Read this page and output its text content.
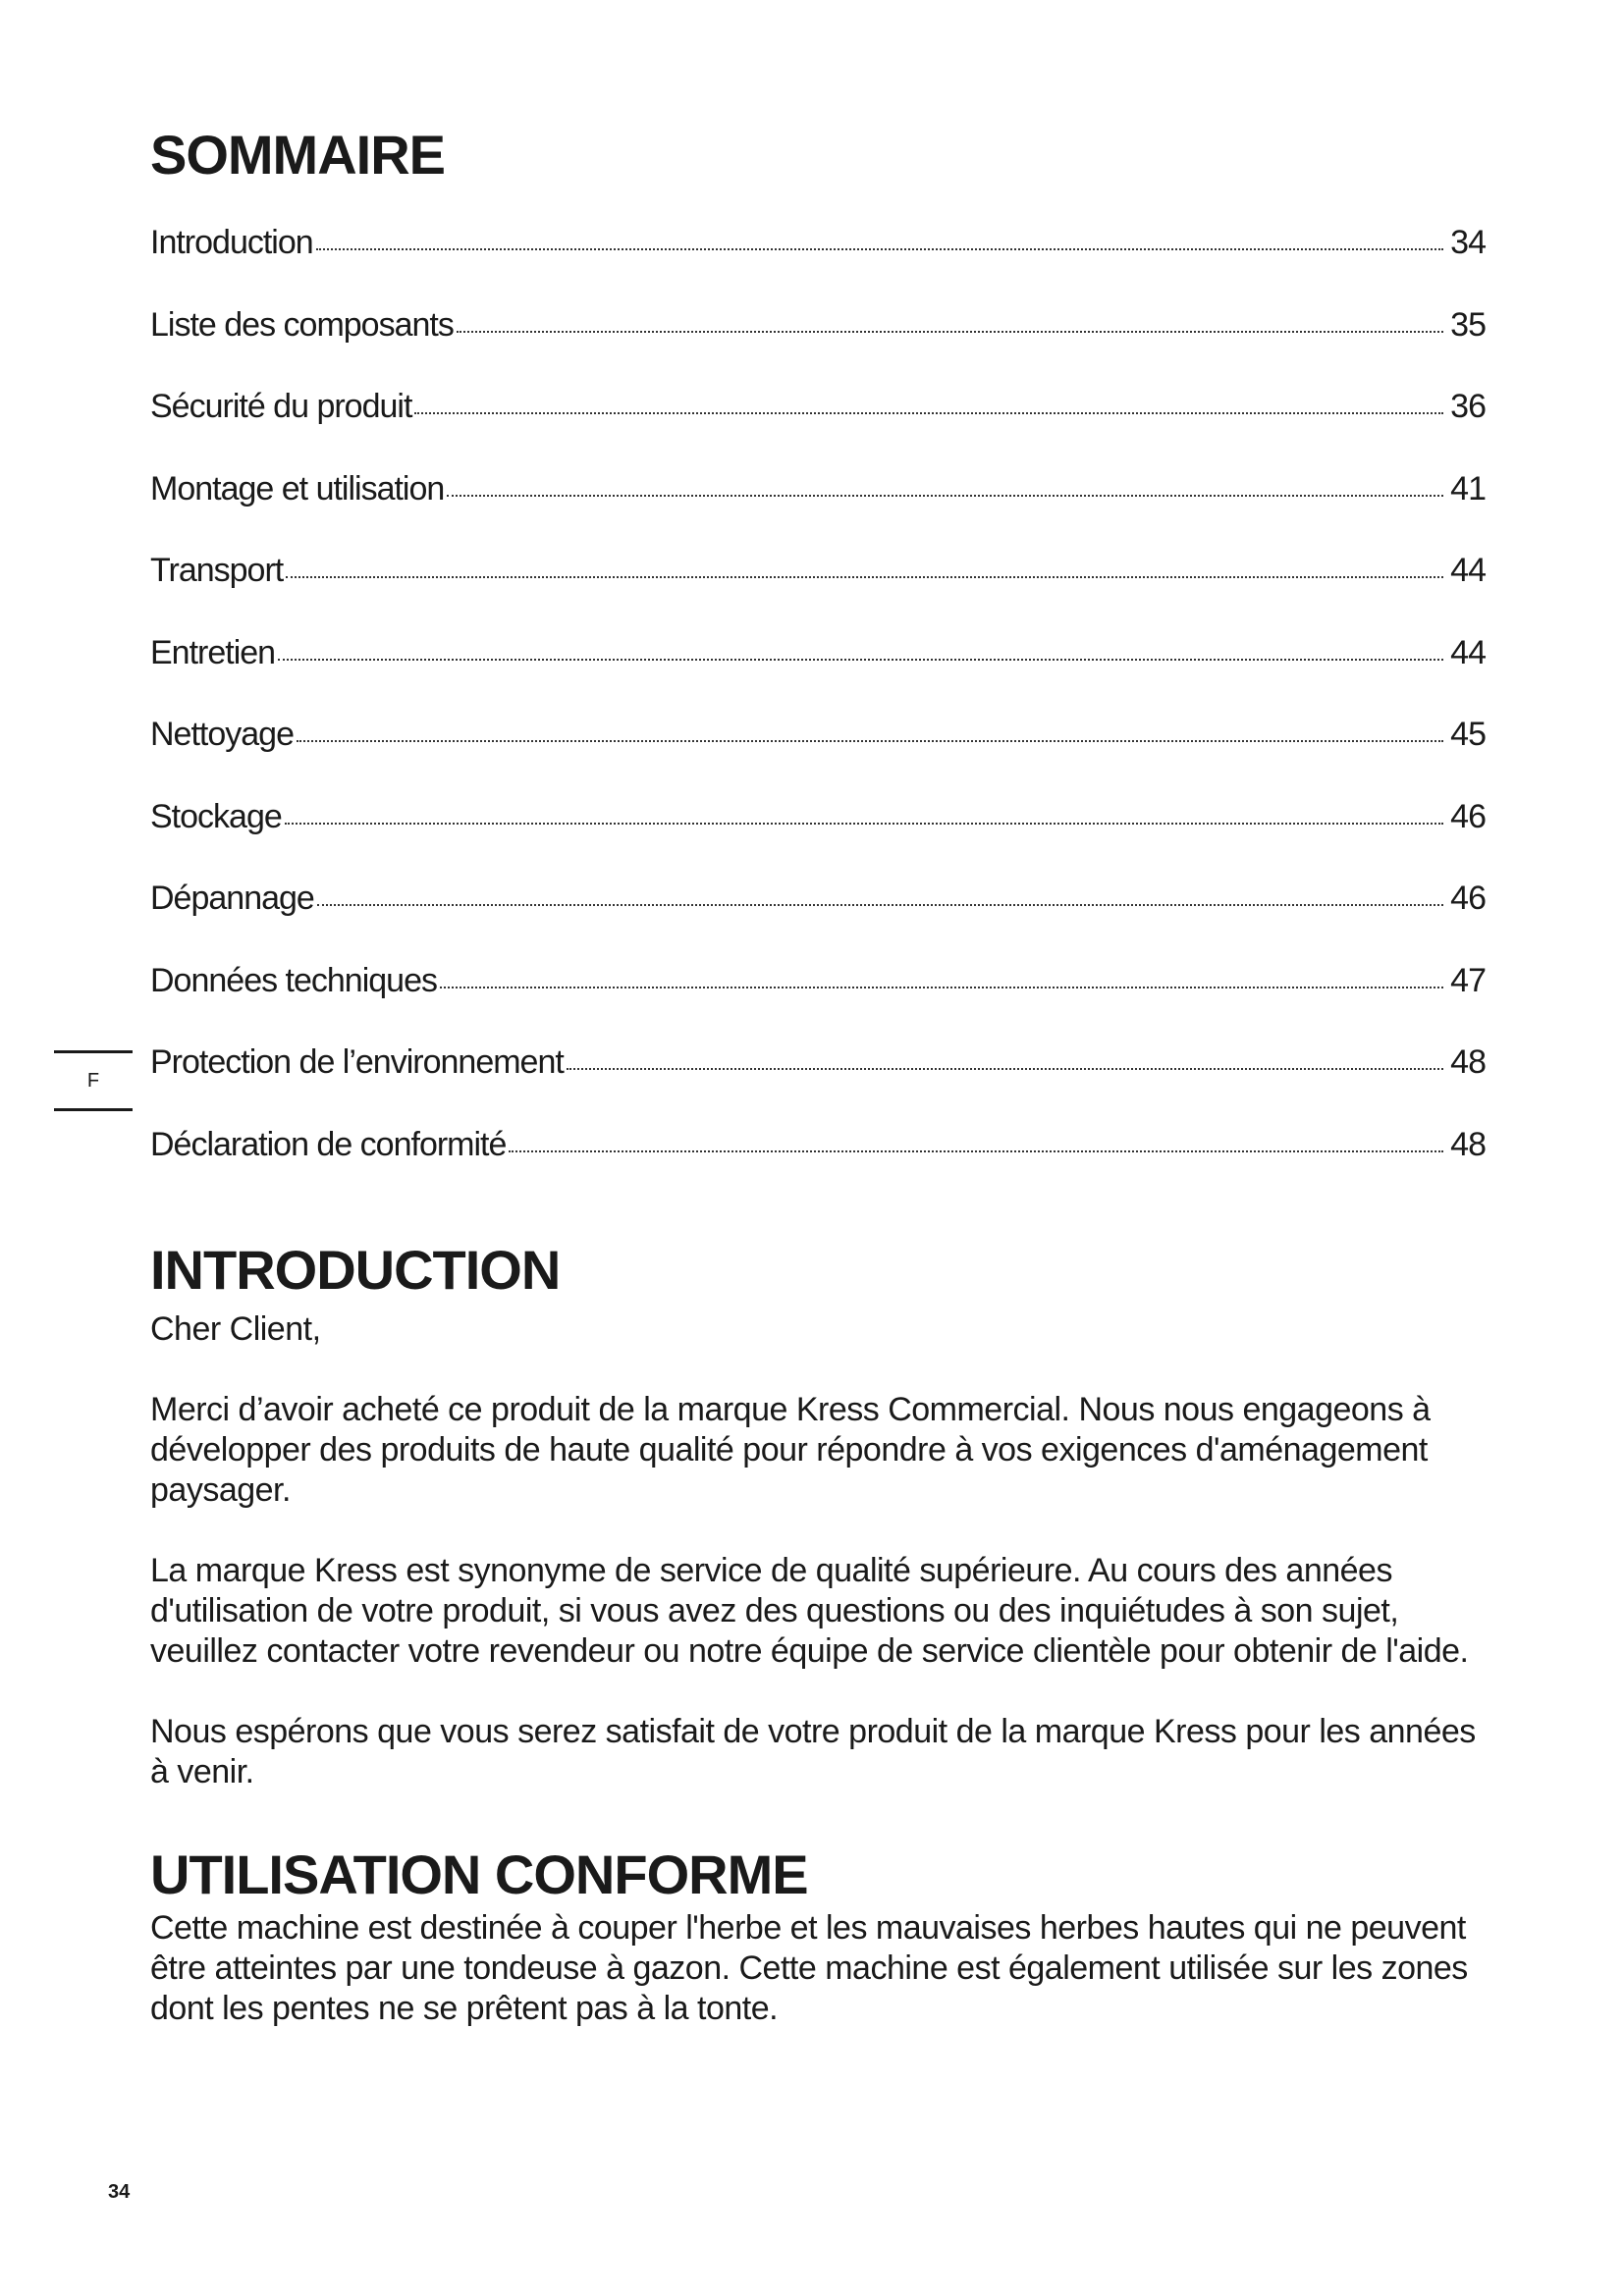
F
SOMMAIRE
Introduction	34
Liste des composants	35
Sécurité du produit	36
Montage et utilisation	41
Transport	44
Entretien	44
Nettoyage	45
Stockage	46
Dépannage	46
Données techniques	47
Protection de l’environnement	48
Déclaration de conformité	48
INTRODUCTION

Cher Client,

Merci d’avoir acheté ce produit de la marque Kress Commercial. Nous nous engageons à développer des produits de haute qualité pour répondre à vos exigences d'aménagement paysager.

La marque Kress est synonyme de service de qualité supérieure. Au cours des années d'utilisation de votre produit, si vous avez des questions ou des inquiétudes à son sujet, veuillez contacter votre revendeur ou notre équipe de service clientèle pour obtenir de l'aide.

Nous espérons que vous serez satisfait de votre produit de la marque Kress pour les années à venir.

UTILISATION CONFORME

Cette machine est destinée à couper l'herbe et les mauvaises herbes hautes qui ne peuvent être atteintes par une tondeuse à gazon. Cette machine est également utilisée sur les zones dont les pentes ne se prêtent pas à la tonte.

34
